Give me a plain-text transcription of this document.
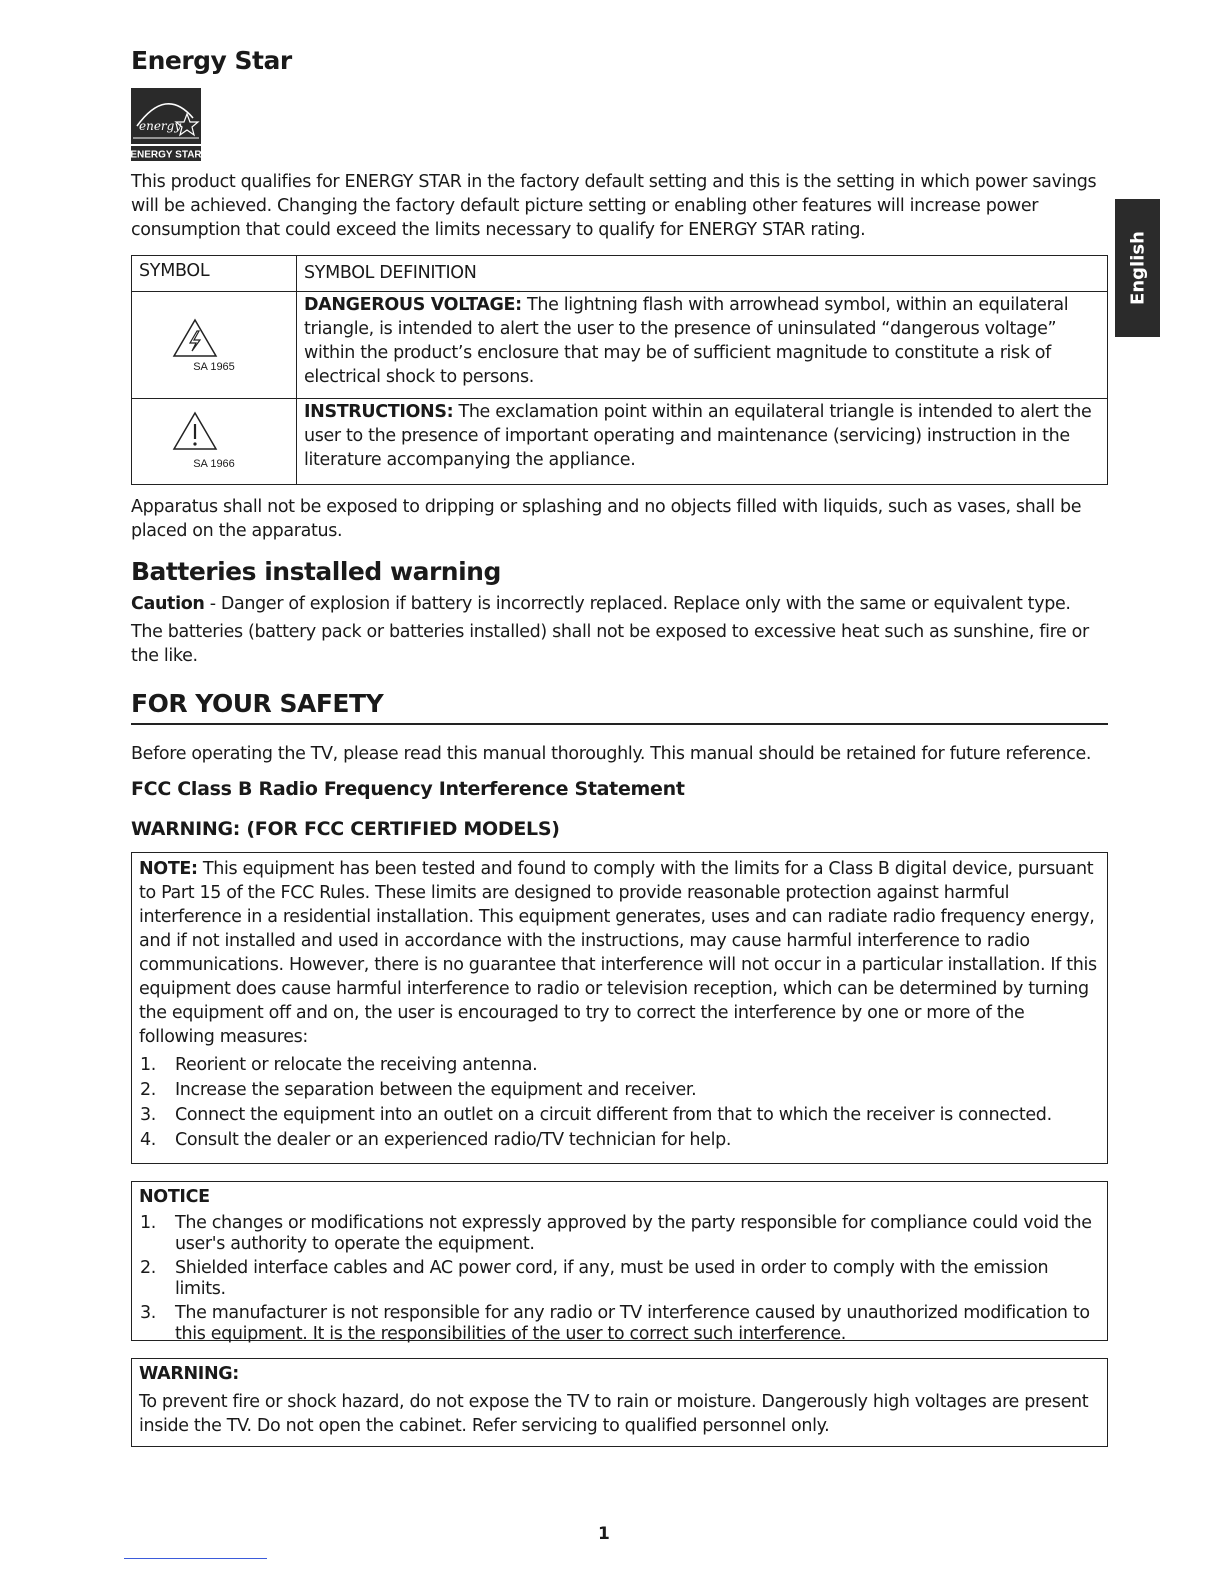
English
Energy Star
energy
ENERGY STAR
This product qualifies for ENERGY STAR in the factory default setting and this is the setting in which power savings will be achieved. Changing the factory default picture setting or enabling other features will increase power consumption that could exceed the limits necessary to qualify for ENERGY STAR rating.
SYMBOL	SYMBOL DEFINITION
SA 1965
DANGEROUS VOLTAGE: The lightning flash with arrowhead symbol, within an equilateral triangle, is intended to alert the user to the presence of uninsulated “dangerous voltage” within the product’s enclosure that may be of sufficient magnitude to constitute a risk of electrical shock to persons.
SA 1966
INSTRUCTIONS: The exclamation point within an equilateral triangle is intended to alert the user to the presence of important operating and maintenance (servicing) instruction in the literature accompanying the appliance.
Apparatus shall not be exposed to dripping or splashing and no objects filled with liquids, such as vases, shall be placed on the apparatus.
Batteries installed warning
Caution - Danger of explosion if battery is incorrectly replaced. Replace only with the same or equivalent type.
The batteries (battery pack or batteries installed) shall not be exposed to excessive heat such as sunshine, fire or the like.
FOR YOUR SAFETY
Before operating the TV, please read this manual thoroughly. This manual should be retained for future reference.
FCC Class B Radio Frequency Interference Statement
WARNING: (FOR FCC CERTIFIED MODELS)
NOTE: This equipment has been tested and found to comply with the limits for a Class B digital device, pursuant to Part 15 of the FCC Rules. These limits are designed to provide reasonable protection against harmful interference in a residential installation. This equipment generates, uses and can radiate radio frequency energy, and if not installed and used in accordance with the instructions, may cause harmful interference to radio communications. However, there is no guarantee that interference will not occur in a particular installation. If this equipment does cause harmful interference to radio or television reception, which can be determined by turning the equipment off and on, the user is encouraged to try to correct the interference by one or more of the following measures:
1. Reorient or relocate the receiving antenna.
2. Increase the separation between the equipment and receiver.
3. Connect the equipment into an outlet on a circuit different from that to which the receiver is connected.
4. Consult the dealer or an experienced radio/TV technician for help.
NOTICE
1. The changes or modifications not expressly approved by the party responsible for compliance could void the user's authority to operate the equipment.
2. Shielded interface cables and AC power cord, if any, must be used in order to comply with the emission limits.
3. The manufacturer is not responsible for any radio or TV interference caused by unauthorized modification to this equipment. It is the responsibilities of the user to correct such interference.
WARNING:
To prevent fire or shock hazard, do not expose the TV to rain or moisture. Dangerously high voltages are present inside the TV. Do not open the cabinet. Refer servicing to qualified personnel only.
1
